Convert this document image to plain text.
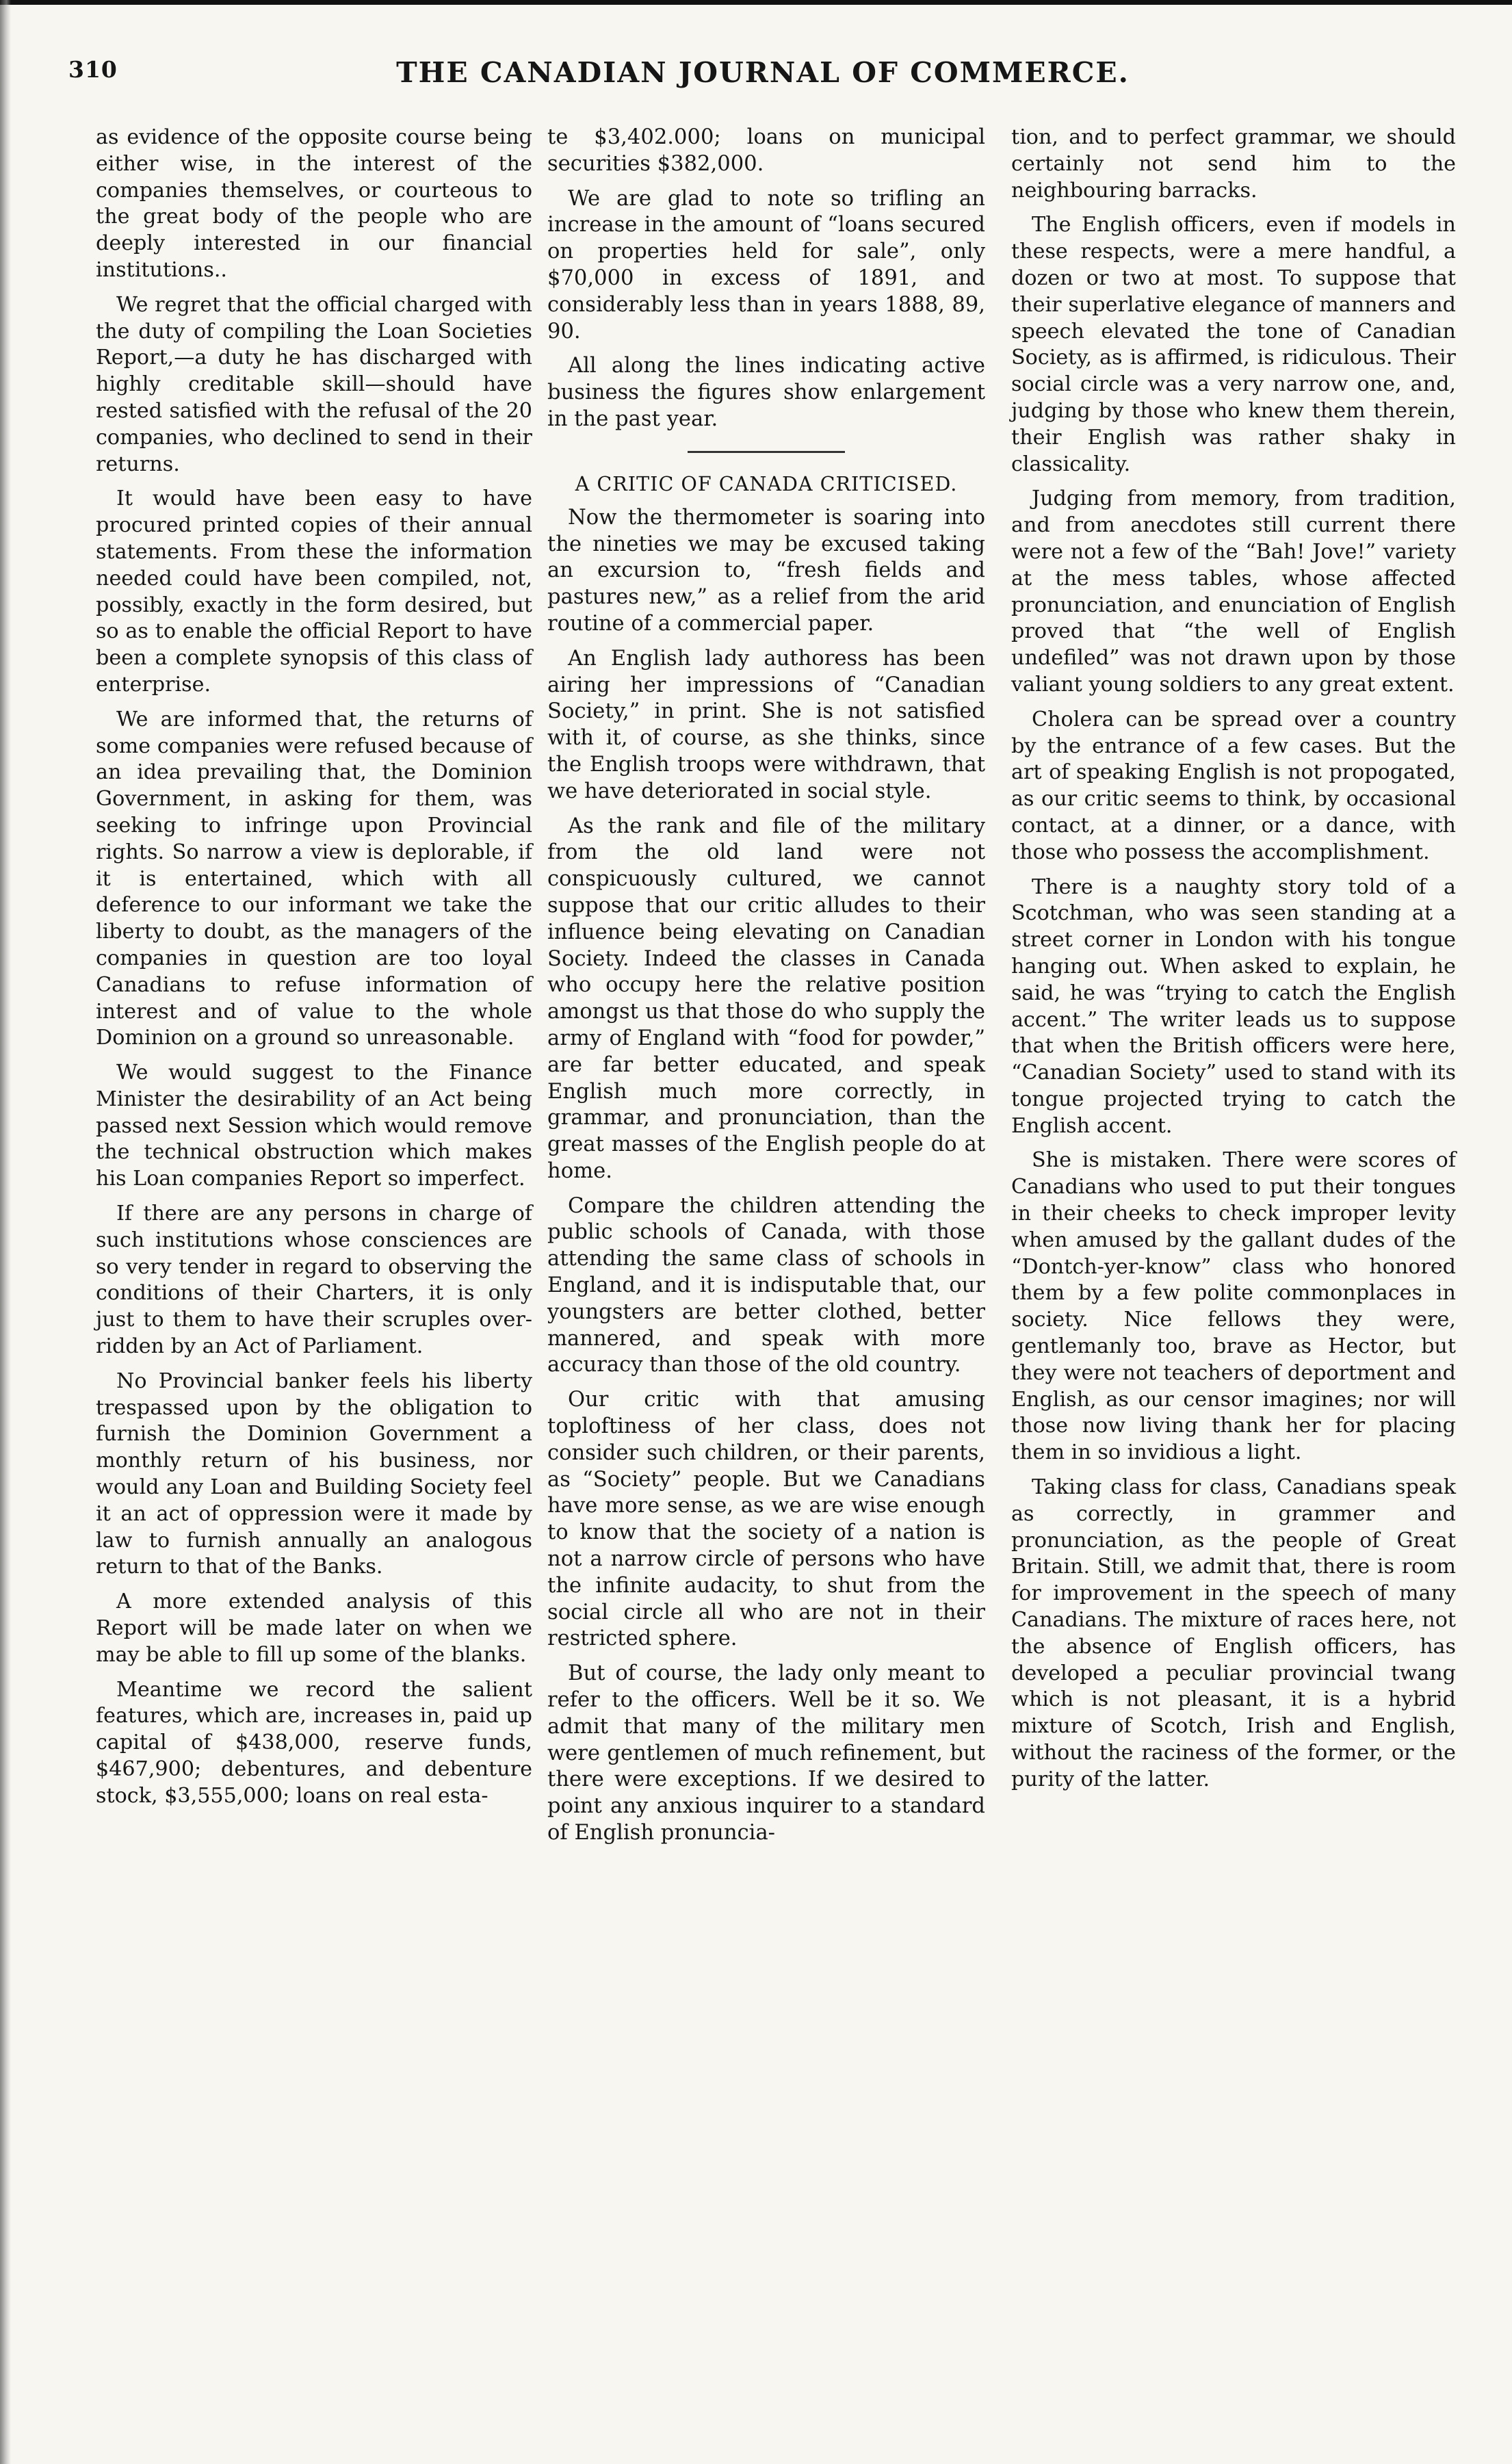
310	THE CANADIAN JOURNAL OF COMMERCE.

as evidence of the opposite course being either wise, in the interest of the companies themselves, or courteous to the great body of the people who are deeply interested in our financial institutions..

We regret that the official charged with the duty of compiling the Loan Societies Report,—a duty he has discharged with highly creditable skill—should have rested satisfied with the refusal of the 20 companies, who declined to send in their returns.

It would have been easy to have procured printed copies of their annual statements. From these the information needed could have been compiled, not, possibly, exactly in the form desired, but so as to enable the official Report to have been a complete synopsis of this class of enterprise.

We are informed that, the returns of some companies were refused because of an idea prevailing that, the Dominion Government, in asking for them, was seeking to infringe upon Provincial rights. So narrow a view is deplorable, if it is entertained, which with all deference to our informant we take the liberty to doubt, as the managers of the companies in question are too loyal Canadians to refuse information of interest and of value to the whole Dominion on a ground so unreasonable.

We would suggest to the Finance Minister the desirability of an Act being passed next Session which would remove the technical obstruction which makes his Loan companies Report so imperfect.

If there are any persons in charge of such institutions whose consciences are so very tender in regard to observing the conditions of their Charters, it is only just to them to have their scruples over-ridden by an Act of Parliament.

No Provincial banker feels his liberty trespassed upon by the obligation to furnish the Dominion Government a monthly return of his business, nor would any Loan and Building Society feel it an act of oppression were it made by law to furnish annually an analogous return to that of the Banks.

A more extended analysis of this Report will be made later on when we may be able to fill up some of the blanks.

Meantime we record the salient features, which are, increases in, paid up capital of $438,000, reserve funds, $467,900; debentures, and debenture stock, $3,555,000; loans on real esta-

te $3,402.000; loans on municipal securities $382,000.

We are glad to note so trifling an increase in the amount of “loans secured on properties held for sale”, only $70,000 in excess of 1891, and considerably less than in years 1888, 89, 90.

All along the lines indicating active business the figures show enlargement in the past year.

A CRITIC OF CANADA CRITICISED.

Now the thermometer is soaring into the nineties we may be excused taking an excursion to, “fresh fields and pastures new,” as a relief from the arid routine of a commercial paper.

An English lady authoress has been airing her impressions of “Canadian Society,” in print. She is not satisfied with it, of course, as she thinks, since the English troops were withdrawn, that we have deteriorated in social style.

As the rank and file of the military from the old land were not conspicuously cultured, we cannot suppose that our critic alludes to their influence being elevating on Canadian Society. Indeed the classes in Canada who occupy here the relative position amongst us that those do who supply the army of England with “food for powder,” are far better educated, and speak English much more correctly, in grammar, and pronunciation, than the great masses of the English people do at home.

Compare the children attending the public schools of Canada, with those attending the same class of schools in England, and it is indisputable that, our youngsters are better clothed, better mannered, and speak with more accuracy than those of the old country.

Our critic with that amusing toploftiness of her class, does not consider such children, or their parents, as “Society” people. But we Canadians have more sense, as we are wise enough to know that the society of a nation is not a narrow circle of persons who have the infinite audacity, to shut from the social circle all who are not in their restricted sphere.

But of course, the lady only meant to refer to the officers. Well be it so. We admit that many of the military men were gentlemen of much refinement, but there were exceptions. If we desired to point any anxious inquirer to a standard of English pronuncia-

tion, and to perfect grammar, we should certainly not send him to the neighbouring barracks.

The English officers, even if models in these respects, were a mere handful, a dozen or two at most. To suppose that their superlative elegance of manners and speech elevated the tone of Canadian Society, as is affirmed, is ridiculous. Their social circle was a very narrow one, and, judging by those who knew them therein, their English was rather shaky in classicality.

Judging from memory, from tradition, and from anecdotes still current there were not a few of the “Bah! Jove!” variety at the mess tables, whose affected pronunciation, and enunciation of English proved that “the well of English undefiled” was not drawn upon by those valiant young soldiers to any great extent.

Cholera can be spread over a country by the entrance of a few cases. But the art of speaking English is not propogated, as our critic seems to think, by occasional contact, at a dinner, or a dance, with those who possess the accomplishment.

There is a naughty story told of a Scotchman, who was seen standing at a street corner in London with his tongue hanging out. When asked to explain, he said, he was “trying to catch the English accent.” The writer leads us to suppose that when the British officers were here, “Canadian Society” used to stand with its tongue projected trying to catch the English accent.

She is mistaken. There were scores of Canadians who used to put their tongues in their cheeks to check improper levity when amused by the gallant dudes of the “Dontch-yer-know” class who honored them by a few polite commonplaces in society. Nice fellows they were, gentlemanly too, brave as Hector, but they were not teachers of deportment and English, as our censor imagines; nor will those now living thank her for placing them in so invidious a light.

Taking class for class, Canadians speak as correctly, in grammer and pronunciation, as the people of Great Britain. Still, we admit that, there is room for improvement in the speech of many Canadians. The mixture of races here, not the absence of English officers, has developed a peculiar provincial twang which is not pleasant, it is a hybrid mixture of Scotch, Irish and English, without the raciness of the former, or the purity of the latter.
